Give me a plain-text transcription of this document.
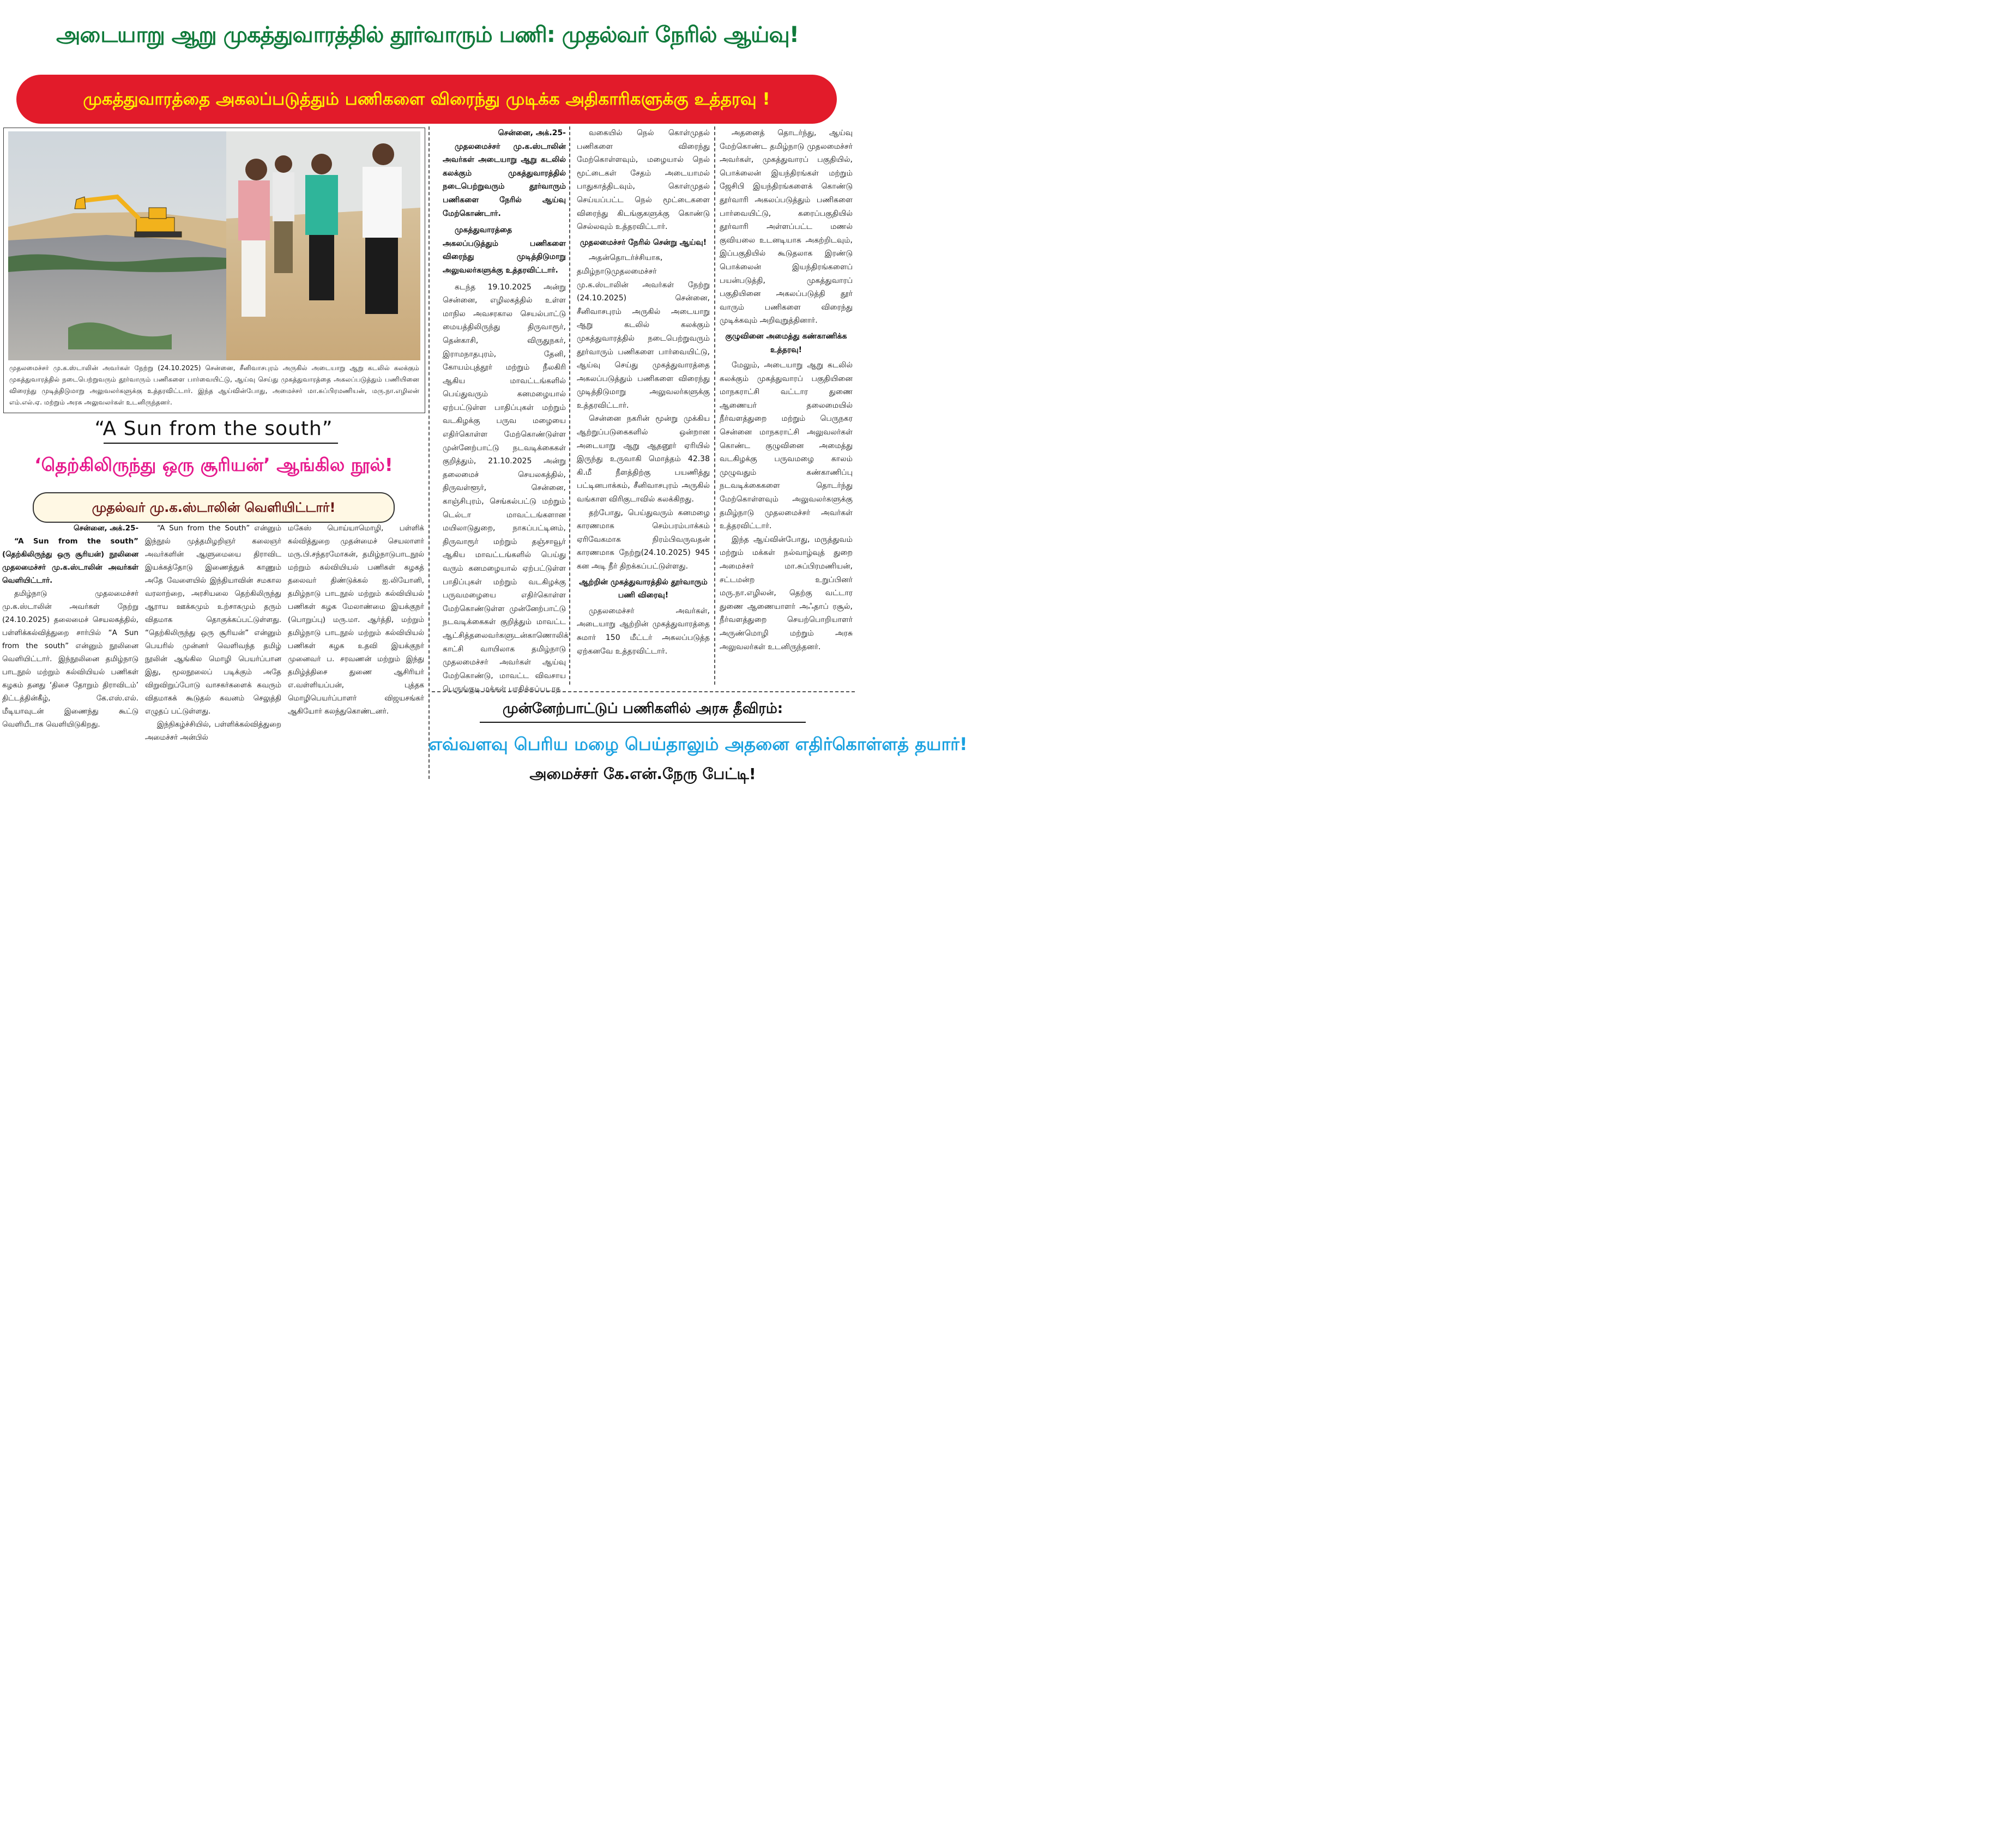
அடையாறு ஆறு முகத்துவாரத்தில் தூர்வாரும் பணி: முதல்வர் நேரில் ஆய்வு!
முகத்துவாரத்தை அகலப்படுத்தும் பணிகளை விரைந்து முடிக்க அதிகாரிகளுக்கு உத்தரவு !
முதலமைச்சர் மு.க.ஸ்டாலின் அவர்கள் நேற்று (24.10.2025) சென்னை, சீனிவாசபுரம் அருகில் அடையாறு ஆறு கடலில் கலக்கும் முகத்துவாரத்தில் நடைபெற்றுவரும் தூர்வாரும் பணிகளை பார்வையிட்டு, ஆய்வு செய்து முகத்துவாரத்தை அகலப்படுத்தும் பணியினை விரைந்து முடித்திடுமாறு அலுவலர்களுக்கு உத்தரவிட்டார். இந்த ஆய்வின்போது, அமைச்சர் மா.சுப்பிரமணியன், மரு.நா.எழிலன் எம்.எல்.ஏ. மற்றும் அரசு அலுவலர்கள் உடனிருந்தனர்.

சென்னை, அக்.25-

முதலமைச்சர் மு.க.ஸ்டாலின் அவர்கள் அடையாறு ஆறு கடலில் கலக்கும் முகத்துவாரத்தில் நடைபெற்றுவரும் தூர்வாரும் பணிகளை நேரில் ஆய்வு மேற்கொண்டார்.

முகத்துவாரத்தை அகலப்படுத்தும் பணிகளை விரைந்து முடித்திடுமாறு அலுவலர்களுக்கு உத்தரவிட்டார்.

கடந்த 19.10.2025 அன்று சென்னை, எழிலகத்தில் உள்ள மாநில அவசரகால செயல்பாட்டு மையத்திலிருந்து திருவாரூர், தென்காசி, விருதுநகர், இராமநாதபுரம், தேனி, கோயம்புத்தூர் மற்றும் நீலகிரி ஆகிய மாவட்டங்களில் பெய்துவரும் கனமழையால் ஏற்பட்டுள்ள பாதிப்புகள் மற்றும் வடகிழக்கு பருவ மழையை எதிர்கொள்ள மேற்கொண்டுள்ள முன்னேற்பாட்டு நடவடிக்கைகள் குறித்தும், 21.10.2025 அன்று தலைமைச் செயலகத்தில், திருவள்ளூர், சென்னை, காஞ்சிபுரம், செங்கல்பட்டு மற்றும் டெல்டா மாவட்டங்களான மயிலாடுதுறை, நாகப்பட்டினம், திருவாரூர் மற்றும் தஞ்சாவூர் ஆகிய மாவட்டங்களில் பெய்து வரும் கனமழையால் ஏற்பட்டுள்ள பாதிப்புகள் மற்றும் வடகிழக்கு பருவமழையை எதிர்கொள்ள மேற்கொண்டுள்ள முன்னேற்பாட்டு நடவடிக்கைகள் குறித்தும் மாவட்ட ஆட்சித்தலைவர்களுடன்காணொலிக் காட்சி வாயிலாக தமிழ்நாடு முதலமைச்சர் அவர்கள் ஆய்வு மேற்கொண்டு, மாவட்ட விவசாய பெருங்குடி மக்கள் பாதிக்கப்படாத

வகையில் நெல் கொள்முதல் பணிகளை விரைந்து மேற்கொள்ளவும், மழையால் நெல் மூட்டைகள் சேதம் அடையாமல் பாதுகாத்திடவும், கொள்முதல் செய்யப்பட்ட நெல் மூட்டைகளை விரைந்து கிடங்குகளுக்கு கொண்டு செல்லவும் உத்தரவிட்டார்.

முதலமைச்சர் நேரில் சென்று ஆய்வு!

அதன்தொடர்ச்சியாக, தமிழ்நாடுமுதலமைச்சர் மு.க.ஸ்டாலின் அவர்கள் நேற்று (24.10.2025) சென்னை, சீனிவாசபுரம் அருகில் அடையாறு ஆறு கடலில் கலக்கும் முகத்துவாரத்தில் நடைபெற்றுவரும் தூர்வாரும் பணிகளை பார்வையிட்டு, ஆய்வு செய்து முகத்துவாரத்தை அகலப்படுத்தும் பணிகளை விரைந்து முடித்திடுமாறு அலுவலர்களுக்கு உத்தரவிட்டார்.

சென்னை நகரின் மூன்று முக்கிய ஆற்றுப்படுகைகளில் ஒன்றான அடையாறு ஆறு ஆதனூர் ஏரியில் இருந்து உருவாகி மொத்தம் 42.38 கி.மீ நீளத்திற்கு பயணித்து பட்டினபாக்கம், சீனிவாசபுரம் அருகில் வங்காள விரிகுடாவில் கலக்கிறது.

தற்போது, பெய்துவரும் கனமழை காரணமாக செம்பரம்பாக்கம் ஏரிவேகமாக நிரம்பிவருவதன் காரணமாக நேற்று(24.10.2025) 945 கன அடி நீர் திறக்கப்பட்டுள்ளது.

ஆற்றின் முகத்துவாரத்தில் தூர்வாரும் பணி விரைவு!

முதலமைச்சர் அவர்கள், அடையாறு ஆற்றின் முகத்துவாரத்தை சுமார் 150 மீட்டர் அகலப்படுத்த ஏற்கனவே உத்தரவிட்டார்.

அதனைத் தொடர்ந்து, ஆய்வு மேற்கொண்ட தமிழ்நாடு முதலமைச்சர் அவர்கள், முகத்துவாரப் பகுதியில், பொக்லைன் இயந்திரங்கள் மற்றும் ஜேசிபி இயந்திரங்களைக் கொண்டு தூர்வாரி அகலப்படுத்தும் பணிகளை பார்வையிட்டு, கரைப்பகுதியில் தூர்வாரி அள்ளப்பட்ட மணல் குவியலை உடனடியாக அகற்றிடவும், இப்பகுதியில் கூடுதலாக இரண்டு பொக்லைன் இயந்திரங்களைப் பயன்படுத்தி, முகத்துவாரப் பகுதியினை அகலப்படுத்தி தூர் வாரும் பணிகளை விரைந்து முடிக்கவும் அறிவுறுத்தினார்.

குழுவினை அமைத்து கண்காணிக்க உத்தரவு!

மேலும், அடையாறு ஆறு கடலில் கலக்கும் முகத்துவாரப் பகுதியினை மாநகராட்சி வட்டார துணை ஆணையர் தலைமையில் நீர்வளத்துறை மற்றும் பெருநகர சென்னை மாநகராட்சி அலுவலர்கள் கொண்ட குழுவினை அமைத்து வடகிழக்கு பருவமழை காலம் முழுவதும் கண்காணிப்பு நடவடிக்கைகளை தொடர்ந்து மேற்கொள்ளவும் அலுவலர்களுக்கு தமிழ்நாடு முதலமைச்சர் அவர்கள் உத்தரவிட்டார்.

இந்த ஆய்வின்போது, மருத்துவம் மற்றும் மக்கள் நல்வாழ்வுத் துறை அமைச்சர் மா.சுப்பிரமணியன், சட்டமன்ற உறுப்பினர் மரு.நா.எழிலன், தெற்கு வட்டார துணை ஆணையாளர் அஃதாப் ரசூல், நீர்வளத்துறை செயற்பொறியாளர் அருண்மொழி மற்றும் அரசு அலுவலர்கள் உடனிருந்தனர்.

“A Sun from the south”
‘தெற்கிலிருந்து ஒரு சூரியன்’ ஆங்கில நூல்!
முதல்வர் மு.க.ஸ்டாலின் வெளியிட்டார்!

சென்னை, அக்.25-

“A Sun from the south” (தெற்கிலிருந்து ஒரு சூரியன்) நூலினை முதலமைச்சர் மு.க.ஸ்டாலின் அவர்கள் வெளியிட்டார்.

தமிழ்நாடு முதலமைச்சர் மு.க.ஸ்டாலின் அவர்கள் நேற்று (24.10.2025) தலைமைச் செயலகத்தில், பள்ளிக்கல்வித்துறை சார்பில் “A Sun from the south” என்னும் நூலினை வெளியிட்டார். இந்நூலினை தமிழ்நாடு பாடநூல் மற்றும் கல்வியியல் பணிகள் கழகம் தனது ‘திசை தோறும் திராவிடம்’ திட்டத்தின்கீழ், கே.எஸ்.எல். மீடியாவுடன் இணைந்து கூட்டு வெளியீடாக வெளியிடுகிறது.

“A Sun from the South” என்னும் இந்நூல் முத்தமிழறிஞர் கலைஞர் அவர்களின் ஆளுமையை திராவிட இயக்கத்தோடு இணைத்துக் காணும் அதே வேளையில் இந்தியாவின் சமகால வரலாற்றை, அரசியலை தெற்கிலிருந்து ஆராய ஊக்கமும் உற்சாகமும் தரும் விதமாக தொகுக்கப்பட்டுள்ளது. “தெற்கிலிருந்து ஒரு சூரியன்” என்னும் பெயரில் முன்னர் வெளிவந்த தமிழ் நூலின் ஆங்கில மொழி பெயர்ப்பான இது, மூலநூலைப் படிக்கும் அதே விறுவிறுப்போடு வாசகர்களைக் கவரும் விதமாகக் கூடுதல் கவனம் செலுத்தி எழுதப் பட்டுள்ளது.

இந்நிகழ்ச்சியில், பள்ளிக்கல்வித்துறை அமைச்சர் அன்பில்

மகேஸ் பொய்யாமொழி, பள்ளிக் கல்வித்துறை முதன்மைச் செயலாளர் மரு.பி.சந்தரமோகன், தமிழ்நாடுபாடநூல் மற்றும் கல்வியியல் பணிகள் கழகத் தலைவர் திண்டுக்கல் ஐ.லியோனி, தமிழ்நாடு பாடநூல் மற்றும் கல்வியியல் பணிகள் கழக மேலாண்மை இயக்குநர் (பொறுப்பு) மரு.மா. ஆர்த்தி, மற்றும் தமிழ்நாடு பாடநூல் மற்றும் கல்வியியல் பணிகள் கழக உதவி இயக்குநர் முனைவர் ப. சரவணன் மற்றும் இந்து தமிழ்த்திசை துணை ஆசிரியர் எ.வள்ளியப்பன், புத்தக மொழிபெயர்ப்பாளர் விஜயசங்கர் ஆகியோர் கலந்துகொண்டனர்.	முன்னேற்பாட்டுப் பணிகளில் அரசு தீவிரம்:
எவ்வளவு பெரிய மழை பெய்தாலும் அதனை எதிர்கொள்ளத் தயார்!
அமைச்சர் கே.என்.நேரு பேட்டி!
